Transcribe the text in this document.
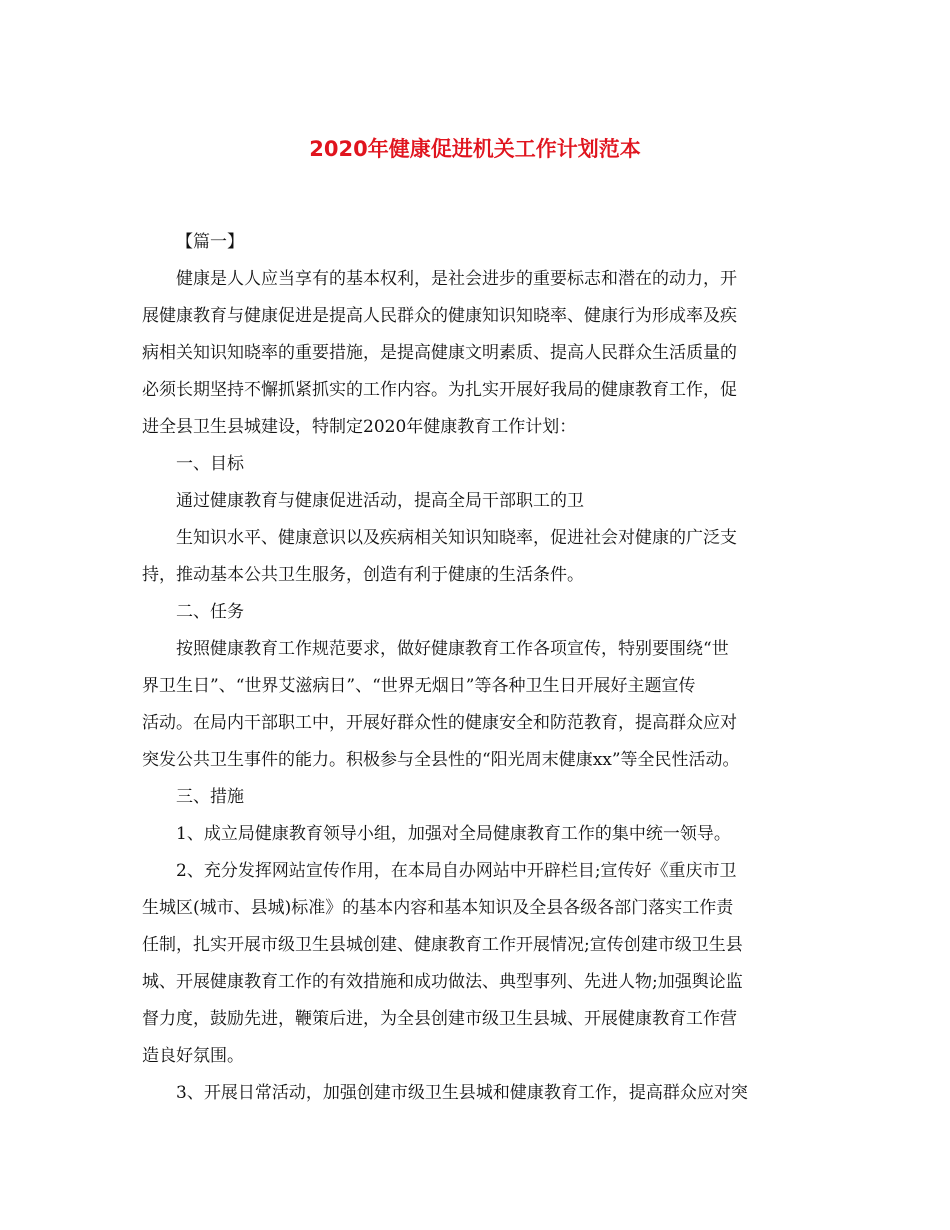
2020年健康促进机关工作计划范本
【篇一】
健康是人人应当享有的基本权利，是社会进步的重要标志和潜在的动力，开
展健康教育与健康促进是提高人民群众的健康知识知晓率、健康行为形成率及疾
病相关知识知晓率的重要措施，是提高健康文明素质、提高人民群众生活质量的
必须长期坚持不懈抓紧抓实的工作内容。为扎实开展好我局的健康教育工作，促
进全县卫生县城建设，特制定2020年健康教育工作计划：
一、目标
通过健康教育与健康促进活动，提高全局干部职工的卫
生知识水平、健康意识以及疾病相关知识知晓率，促进社会对健康的广泛支
持，推动基本公共卫生服务，创造有利于健康的生活条件。
二、任务
按照健康教育工作规范要求，做好健康教育工作各项宣传，特别要围绕“世
界卫生日”、“世界艾滋病日”、“世界无烟日”等各种卫生日开展好主题宣传
活动。在局内干部职工中，开展好群众性的健康安全和防范教育，提高群众应对
突发公共卫生事件的能力。积极参与全县性的“阳光周末健康xx”等全民性活动。
三、措施
1、成立局健康教育领导小组，加强对全局健康教育工作的集中统一领导。
2、充分发挥网站宣传作用，在本局自办网站中开辟栏目;宣传好《重庆市卫
生城区(城市、县城)标准》的基本内容和基本知识及全县各级各部门落实工作责
任制，扎实开展市级卫生县城创建、健康教育工作开展情况;宣传创建市级卫生县
城、开展健康教育工作的有效措施和成功做法、典型事列、先进人物;加强舆论监
督力度，鼓励先进，鞭策后进，为全县创建市级卫生县城、开展健康教育工作营
造良好氛围。
3、开展日常活动，加强创建市级卫生县城和健康教育工作，提高群众应对突
